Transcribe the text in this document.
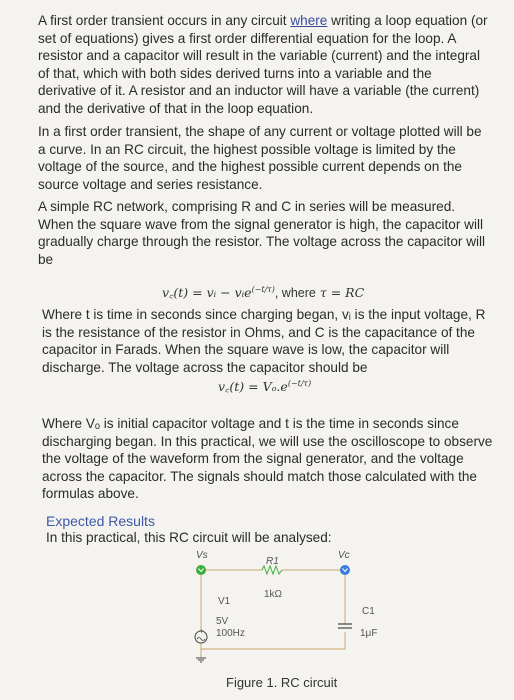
A first order transient occurs in any circuit where writing a loop equation (or set of equations) gives a first order differential equation for the loop. A resistor and a capacitor will result in the variable (current) and the integral of that, which with both sides derived turns into a variable and the derivative of it. A resistor and an inductor will have a variable (the current) and the derivative of that in the loop equation.

In a first order transient, the shape of any current or voltage plotted will be a curve. In an RC circuit, the highest possible voltage is limited by the voltage of the source, and the highest possible current depends on the source voltage and series resistance.

A simple RC network, comprising R and C in series will be measured. When the square wave from the signal generator is high, the capacitor will gradually charge through the resistor. The voltage across the capacitor will be

v꜀(t) = vᵢ − vᵢe$^{(-t/\tau)}$, where τ = RC

Where t is time in seconds since charging began, vᵢ is the input voltage, R is the resistance of the resistor in Ohms, and C is the capacitance of the capacitor in Farads. When the square wave is low, the capacitor will discharge. The voltage across the capacitor should be

v꜀(t) = $V_o.e^{(-t/\tau)}$

Where Vₒ is initial capacitor voltage and t is the time in seconds since discharging began. In this practical, we will use the oscilloscope to observe the voltage of the waveform from the signal generator, and the voltage across the capacitor. The signals should match those calculated with the formulas above.

Expected Results

In this practical, this RC circuit will be analysed:

+

Vs	Vc

R1

1kΩ

V1

5V

100Hz

C1

1μF

Figure 1. RC circuit
